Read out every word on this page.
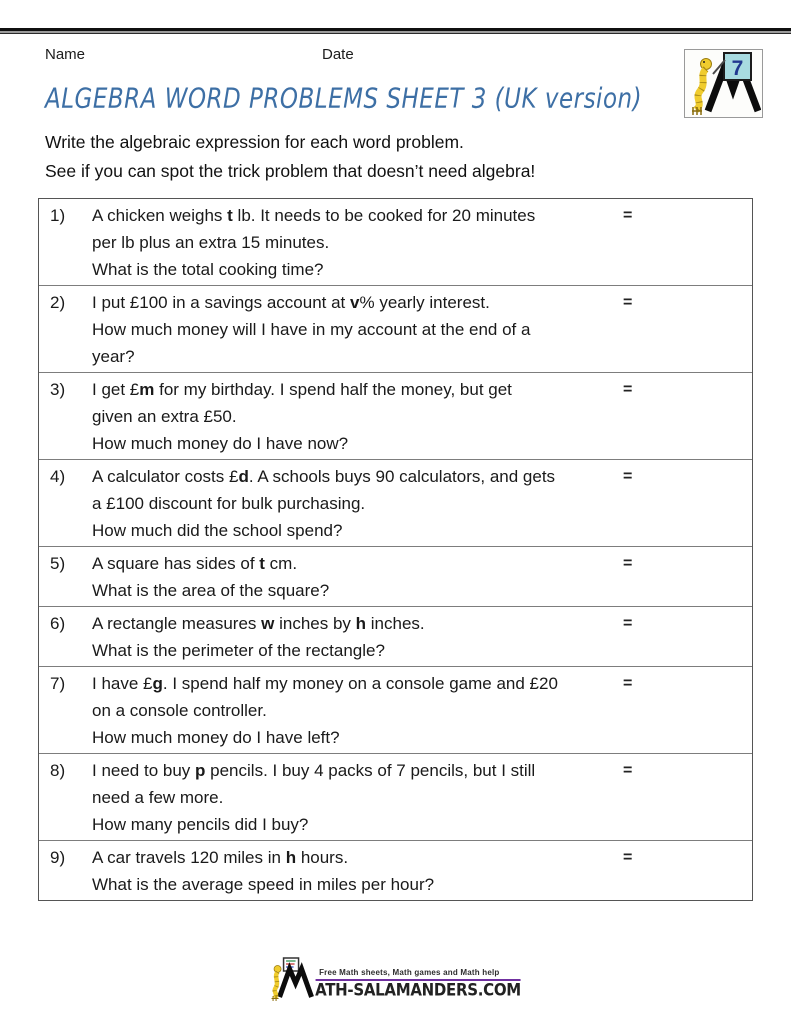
Name	Date
7
ALGEBRA WORD PROBLEMS SHEET 3 (UK version)
Write the algebraic expression for each word problem.
See if you can spot the trick problem that doesn’t need algebra!
1)	A chicken weighs t lb. It needs to be cooked for 20 minutes
per lb plus an extra 15 minutes.
What is the total cooking time?
=
2)	I put £100 in a savings account at v% yearly interest.
How much money will I have in my account at the end of a
year?
=
3)	I get £m for my birthday. I spend half the money, but get
given an extra £50.
How much money do I have now?
=
4)	A calculator costs £d. A schools buys 90 calculators, and gets
a £100 discount for bulk purchasing.
How much did the school spend?
=
5)	A square has sides of t cm.
What is the area of the square?
=
6)	A rectangle measures w inches by h inches.
What is the perimeter of the rectangle?
=
7)	I have £g. I spend half my money on a console game and £20
on a console controller.
How much money do I have left?
=
8)	I need to buy p pencils. I buy 4 packs of 7 pencils, but I still
need a few more.
How many pencils did I buy?
=
9)	A car travels 120 miles in h hours.
What is the average speed in miles per hour?
=
Free Math sheets, Math games and Math help
ATH-SALAMANDERS.COM
